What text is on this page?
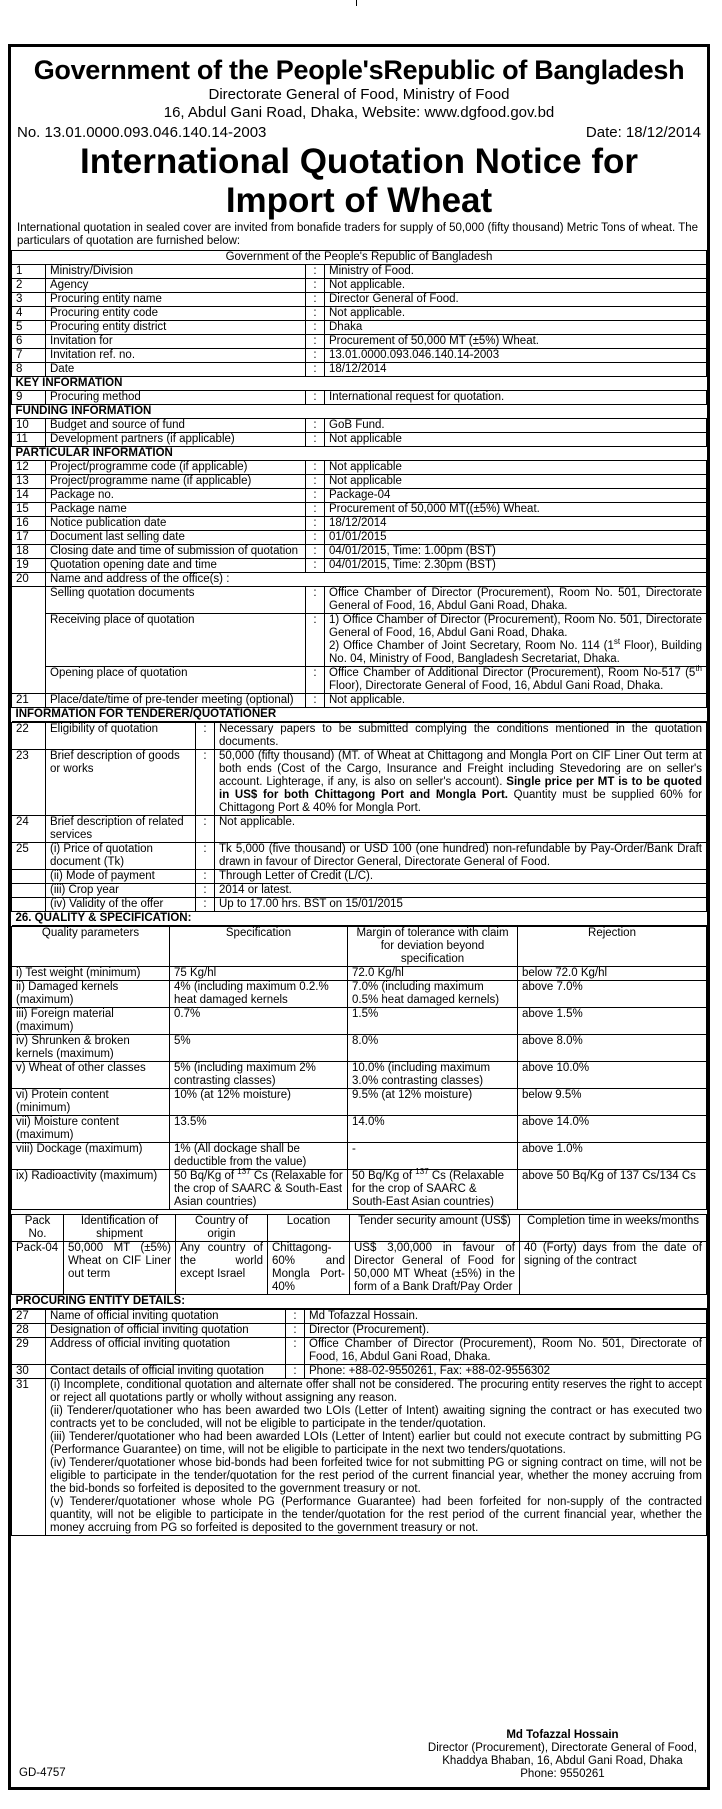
Government of the People'sRepublic of Bangladesh
Directorate General of Food, Ministry of Food
16, Abdul Gani Road, Dhaka, Website: www.dgfood.gov.bd
No. 13.01.0000.093.046.140.14-2003	Date: 18/12/2014
International Quotation Notice for
Import of Wheat
International quotation in sealed cover are invited from bonafide traders for supply of 50,000 (fifty thousand) Metric Tons of wheat. The particulars of quotation are furnished below:
Government of the People's Republic of Bangladesh			
1	Ministry/Division	:	Ministry of Food.
2	Agency	:	Not applicable.
3	Procuring entity name	:	Director General of Food.
4	Procuring entity code	:	Not applicable.
5	Procuring entity district	:	Dhaka
6	Invitation for	:	Procurement of 50,000 MT (±5%) Wheat.
7	Invitation ref. no.	:	13.01.0000.093.046.140.14-2003
8	Date	:	18/12/2014
KEY INFORMATION			
9	Procuring method	:	International request for quotation.
FUNDING INFORMATION			
10	Budget and source of fund	:	GoB Fund.
11	Development partners (if applicable)	:	Not applicable
PARTICULAR INFORMATION			
12	Project/programme code (if applicable)	:	Not applicable
13	Project/programme name (if applicable)	:	Not applicable
14	Package no.	:	Package-04
15	Package name	:	Procurement of 50,000 MT((±5%) Wheat.
16	Notice publication date	:	18/12/2014
17	Document last selling date	:	01/01/2015
18	Closing date and time of submission of quotation	:	04/01/2015, Time: 1.00pm (BST)
19	Quotation opening date and time	:	04/01/2015, Time: 2.30pm (BST)
20	Name and address of the office(s) :		
	Selling quotation documents	:	Office Chamber of Director (Procurement), Room No. 501, Directorate General of Food, 16, Abdul Gani Road, Dhaka.
	Receiving place of quotation	:	1) Office Chamber of Director (Procurement), Room No. 501, Directorate General of Food, 16, Abdul Gani Road, Dhaka.
2) Office Chamber of Joint Secretary, Room No. 114 (1st Floor), Building No. 04, Ministry of Food, Bangladesh Secretariat, Dhaka.
	Opening place of quotation	:	Office Chamber of Additional Director (Procurement), Room No-517 (5th Floor), Directorate General of Food, 16, Abdul Gani Road, Dhaka.
21	Place/date/time of pre-tender meeting (optional)	:	Not applicable.
INFORMATION FOR TENDERER/QUOTATIONER			
22	Eligibility of quotation	:	Necessary papers to be submitted complying the conditions mentioned in the quotation documents.
23	Brief description of goods or works	:	50,000 (fifty thousand) (MT. of Wheat at Chittagong and Mongla Port on CIF Liner Out term at both ends (Cost of the Cargo, Insurance and Freight including Stevedoring are on seller's account. Lighterage, if any, is also on seller's account). Single price per MT is to be quoted in US$ for both Chittagong Port and Mongla Port. Quantity must be supplied 60% for Chittagong Port & 40% for Mongla Port.
24	Brief description of related services	:	Not applicable.
25	(i) Price of quotation document (Tk)	:	Tk 5,000 (five thousand) or USD 100 (one hundred) non-refundable by Pay-Order/Bank Draft drawn in favour of Director General, Directorate General of Food.
	(ii) Mode of payment	:	Through Letter of Credit (L/C).
	(iii) Crop year	:	2014 or latest.
	(iv) Validity of the offer	:	Up to 17.00 hrs. BST on 15/01/2015
26. QUALITY & SPECIFICATION:			
Quality parameters	Specification	Margin of tolerance with claim for deviation beyond specification	Rejection
i) Test weight (minimum)	75 Kg/hl	72.0 Kg/hl	below 72.0 Kg/hl
ii) Damaged kernels (maximum)	4% (including maximum 0.2.% heat damaged kernels	7.0% (including maximum 0.5% heat damaged kernels)	above 7.0%
iii) Foreign material (maximum)	0.7%	1.5%	above 1.5%
iv) Shrunken & broken kernels (maximum)	5%	8.0%	above 8.0%
v) Wheat of other classes	5% (including maximum 2% contrasting classes)	10.0% (including maximum 3.0% contrasting classes)	above 10.0%
vi) Protein content (minimum)	10% (at 12% moisture)	9.5% (at 12% moisture)	below 9.5%
vii) Moisture content (maximum)	13.5%	14.0%	above 14.0%
viii) Dockage (maximum)	1% (All dockage shall be deductible from the value)	-	above 1.0%
ix) Radioactivity (maximum)	50 Bq/Kg of $^{137}$ Cs (Relaxable for the crop of SAARC & South-East Asian countries)	50 Bq/Kg of $^{137}$ Cs (Relaxable for the crop of SAARC & South-East Asian countries)	above 50 Bq/Kg of 137 Cs/134 Cs
Pack No.	Identification of shipment	Country of origin	Location	Tender security amount (US$)	Completion time in weeks/months
Pack-04	50,000 MT (±5%) Wheat on CIF Liner out term	Any country of the world except Israel	Chittagong-60% and Mongla Port-40%	US$ 3,00,000 in favour of Director General of Food for 50,000 MT Wheat (±5%) in the form of a Bank Draft/Pay Order	40 (Forty) days from the date of signing of the contract
PROCURING ENTITY DETAILS:					
27	Name of official inviting quotation	:	Md Tofazzal Hossain.
28	Designation of official inviting quotation	:	Director (Procurement).
29	Address of official inviting quotation	:	Office Chamber of Director (Procurement), Room No. 501, Directorate of Food, 16, Abdul Gani Road, Dhaka.
30	Contact details of official inviting quotation	:	Phone: +88-02-9550261, Fax: +88-02-9556302
31	(i) Incomplete, conditional quotation and alternate offer shall not be considered. The procuring entity reserves the right to accept or reject all quotations partly or wholly without assigning any reason.
(ii) Tenderer/quotationer who has been awarded two LOIs (Letter of Intent) awaiting signing the contract or has executed two contracts yet to be concluded, will not be eligible to participate in the tender/quotation.
(iii) Tenderer/quotationer who had been awarded LOIs (Letter of Intent) earlier but could not execute contract by submitting PG (Performance Guarantee) on time, will not be eligible to participate in the next two tenders/quotations.
(iv) Tenderer/quotationer whose bid-bonds had been forfeited twice for not submitting PG or signing contract on time, will not be eligible to participate in the tender/quotation for the rest period of the current financial year, whether the money accruing from the bid-bonds so forfeited is deposited to the government treasury or not.
(v) Tenderer/quotationer whose whole PG (Performance Guarantee) had been forfeited for non-supply of the contracted quantity, will not be eligible to participate in the tender/quotation for the rest period of the current financial year, whether the money accruing from PG so forfeited is deposited to the government treasury or not.		
GD-4757
Md Tofazzal Hossain
Director (Procurement), Directorate General of Food,
Khaddya Bhaban, 16, Abdul Gani Road, Dhaka
Phone: 9550261
